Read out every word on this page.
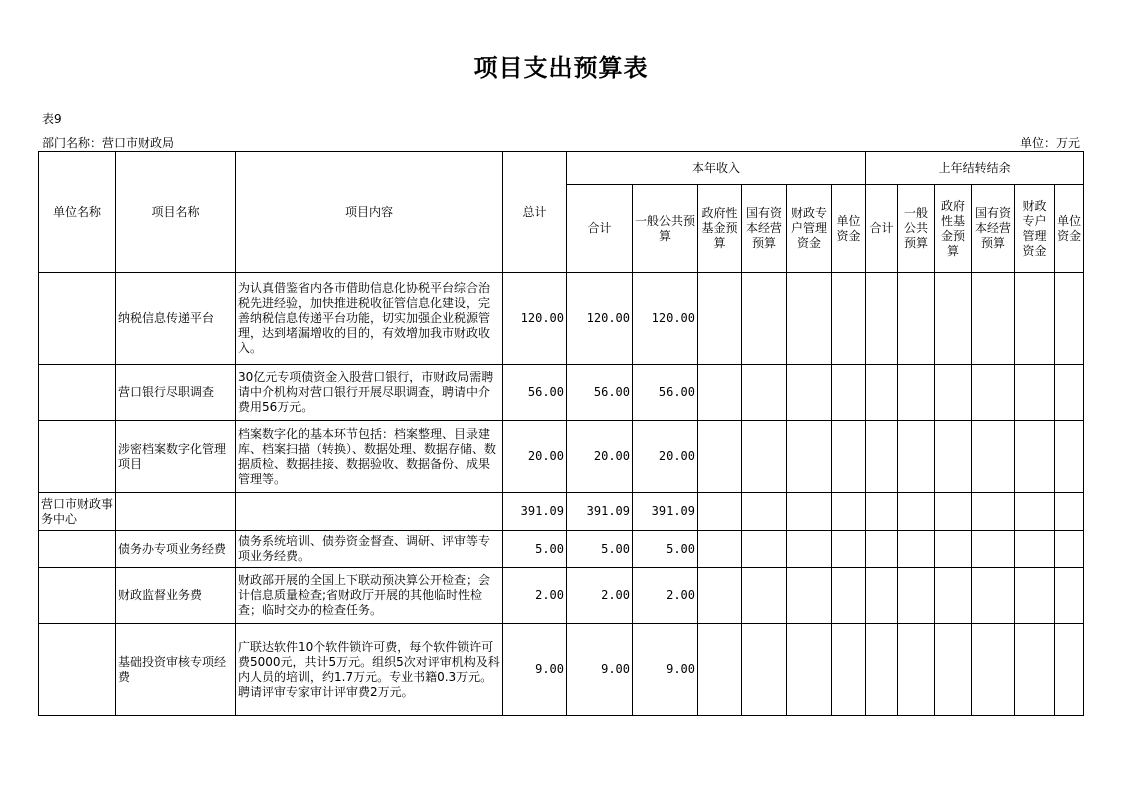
项目支出预算表
表9
部门名称：营口市财政局	单位：万元
单位名称	项目名称	项目内容	总计	本年收入						上年结转结余					
				合计	一般公共预算	政府性基金预算	国有资本经营预算	财政专户管理资金	单位资金	合计	一般公共预算	政府性基金预算	国有资本经营预算	财政专户管理资金	单位资金
	纳税信息传递平台	为认真借鉴省内各市借助信息化协税平台综合治税先进经验，加快推进税收征管信息化建设，完善纳税信息传递平台功能，切实加强企业税源管理，达到堵漏增收的目的，有效增加我市财政收入。	120.00	120.00	120.00										
	营口银行尽职调查	30亿元专项债资金入股营口银行，市财政局需聘请中介机构对营口银行开展尽职调查，聘请中介费用56万元。	56.00	56.00	56.00										
	涉密档案数字化管理项目	档案数字化的基本环节包括：档案整理、目录建库、档案扫描（转换）、数据处理、数据存储、数据质检、数据挂接、数据验收、数据备份、成果管理等。	20.00	20.00	20.00										
营口市财政事务中心			391.09	391.09	391.09										
	债务办专项业务经费	债务系统培训、债券资金督查、调研、评审等专项业务经费。	5.00	5.00	5.00										
	财政监督业务费	财政部开展的全国上下联动预决算公开检查；会计信息质量检查;省财政厅开展的其他临时性检查；临时交办的检查任务。	2.00	2.00	2.00										
	基础投资审核专项经费	广联达软件10个软件锁许可费，每个软件锁许可费5000元，共计5万元。组织5次对评审机构及科内人员的培训，约1.7万元。专业书籍0.3万元。聘请评审专家审计评审费2万元。	9.00	9.00	9.00										
